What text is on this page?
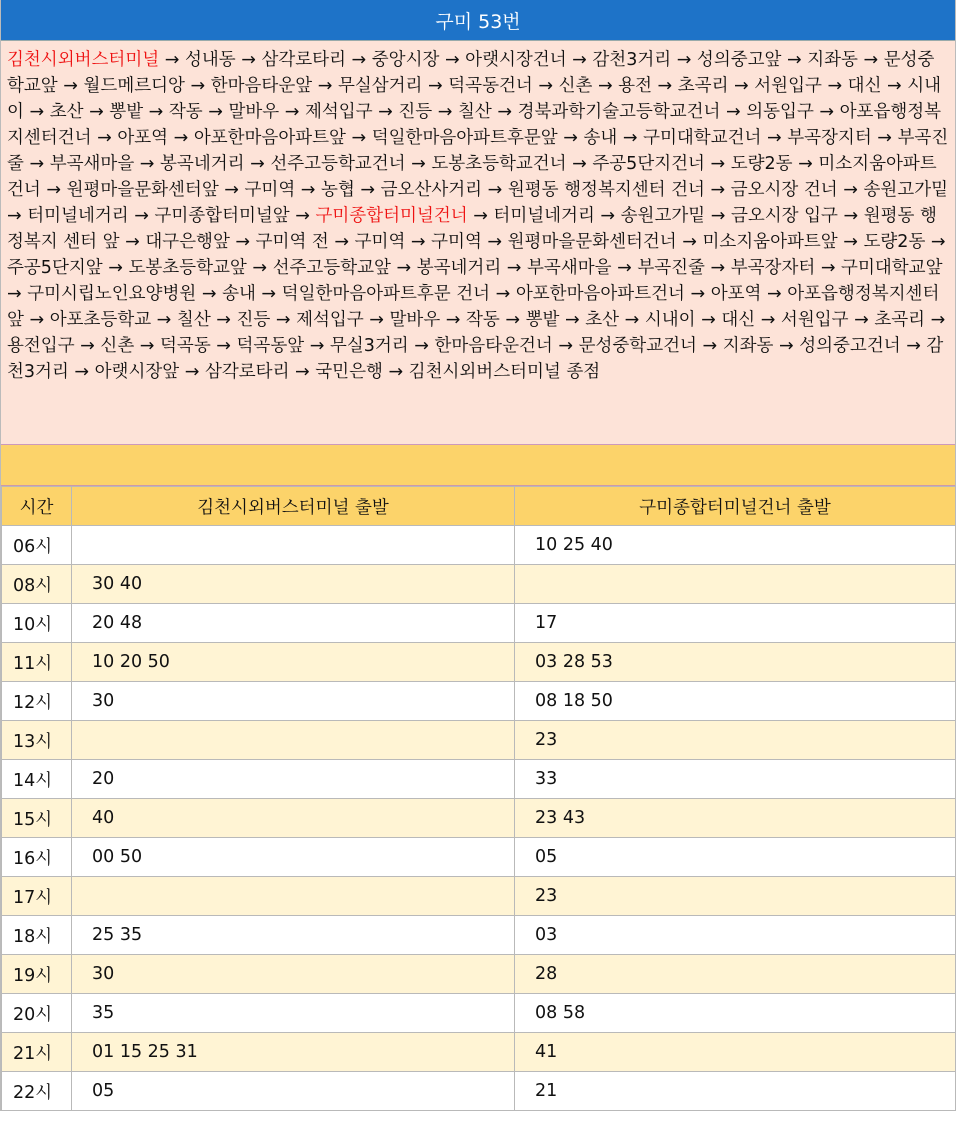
구미 53번
김천시외버스터미널 → 성내동 → 삼각로타리 → 중앙시장 → 아랫시장건너 → 감천3거리 → 성의중고앞 → 지좌동 → 문성중학교앞 → 월드메르디앙 → 한마음타운앞 → 무실삼거리 → 덕곡동건너 → 신촌 → 용전 → 초곡리 → 서원입구 → 대신 → 시내이 → 초산 → 뽕밭 → 작동 → 말바우 → 제석입구 → 진등 → 칠산 → 경북과학기술고등학교건너 → 의동입구 → 아포읍행정복지센터건너 → 아포역 → 아포한마음아파트앞 → 덕일한마음아파트후문앞 → 송내 → 구미대학교건너 → 부곡장지터 → 부곡진줄 → 부곡새마을 → 봉곡네거리 → 선주고등학교건너 → 도봉초등학교건너 → 주공5단지건너 → 도량2동 → 미소지움아파트건너 → 원평마을문화센터앞 → 구미역 → 농협 → 금오산사거리 → 원평동 행정복지센터 건너 → 금오시장 건너 → 송원고가밑 → 터미널네거리 → 구미종합터미널앞 → 구미종합터미널건너 → 터미널네거리 → 송원고가밑 → 금오시장 입구 → 원평동 행정복지 센터 앞 → 대구은행앞 → 구미역 전 → 구미역 → 구미역 → 원평마을문화센터건너 → 미소지움아파트앞 → 도량2동 → 주공5단지앞 → 도봉초등학교앞 → 선주고등학교앞 → 봉곡네거리 → 부곡새마을 → 부곡진줄 → 부곡장자터 → 구미대학교앞 → 구미시립노인요양병원 → 송내 → 덕일한마음아파트후문 건너 → 아포한마음아파트건너 → 아포역 → 아포읍행정복지센터앞 → 아포초등학교 → 칠산 → 진등 → 제석입구 → 말바우 → 작동 → 뽕밭 → 초산 → 시내이 → 대신 → 서원입구 → 초곡리 → 용전입구 → 신촌 → 덕곡동 → 덕곡동앞 → 무실3거리 → 한마음타운건너 → 문성중학교건너 → 지좌동 → 성의중고건너 → 감천3거리 → 아랫시장앞 → 삼각로타리 → 국민은행 → 김천시외버스터미널 종점
시간	김천시외버스터미널 출발	구미종합터미널건너 출발
06시		10 25 40
08시	30 40	
10시	20 48	17
11시	10 20 50	03 28 53
12시	30	08 18 50
13시		23
14시	20	33
15시	40	23 43
16시	00 50	05
17시		23
18시	25 35	03
19시	30	28
20시	35	08 58
21시	01 15 25 31	41
22시	05	21
